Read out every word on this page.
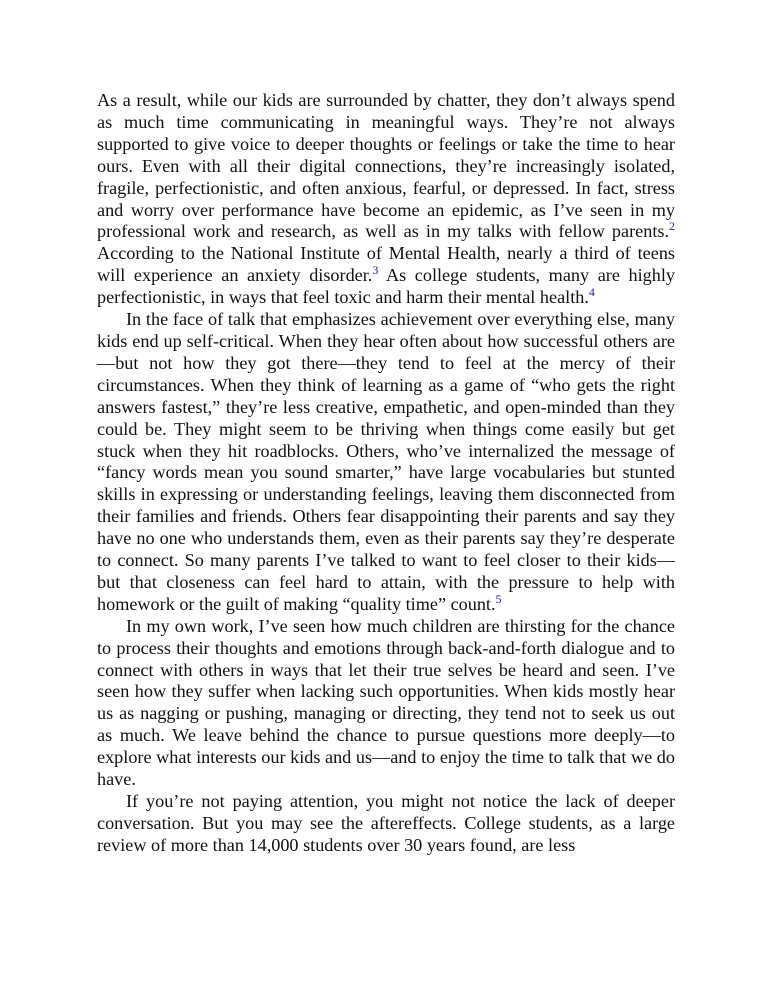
As a result, while our kids are surrounded by chatter, they don’t always spend as much time communicating in meaningful ways. They’re not always supported to give voice to deeper thoughts or feelings or take the time to hear ours. Even with all their digital connections, they’re increasingly isolated, fragile, perfectionistic, and often anxious, fearful, or depressed. In fact, stress and worry over performance have become an epidemic, as I’ve seen in my professional work and research, as well as in my talks with fellow parents.$^2$ According to the National Institute of Mental Health, nearly a third of teens will experience an anxiety disorder.$^3$ As college students, many are highly perfectionistic, in ways that feel toxic and harm their mental health.$^4$

In the face of talk that emphasizes achievement over everything else, many kids end up self-critical. When they hear often about how successful others are—but not how they got there—they tend to feel at the mercy of their circumstances. When they think of learning as a game of “who gets the right answers fastest,” they’re less creative, empathetic, and open-minded than they could be. They might seem to be thriving when things come easily but get stuck when they hit roadblocks. Others, who’ve internalized the message of “fancy words mean you sound smarter,” have large vocabularies but stunted skills in expressing or understanding feelings, leaving them disconnected from their families and friends. Others fear disappointing their parents and say they have no one who understands them, even as their parents say they’re desperate to connect. So many parents I’ve talked to want to feel closer to their kids—but that closeness can feel hard to attain, with the pressure to help with homework or the guilt of making “quality time” count.$^5$

In my own work, I’ve seen how much children are thirsting for the chance to process their thoughts and emotions through back-and-forth dialogue and to connect with others in ways that let their true selves be heard and seen. I’ve seen how they suffer when lacking such opportunities. When kids mostly hear us as nagging or pushing, managing or directing, they tend not to seek us out as much. We leave behind the chance to pursue questions more deeply—to explore what interests our kids and us—and to enjoy the time to talk that we do have.

If you’re not paying attention, you might not notice the lack of deeper conversation. But you may see the aftereffects. College students, as a large review of more than 14,000 students over 30 years found, are less
